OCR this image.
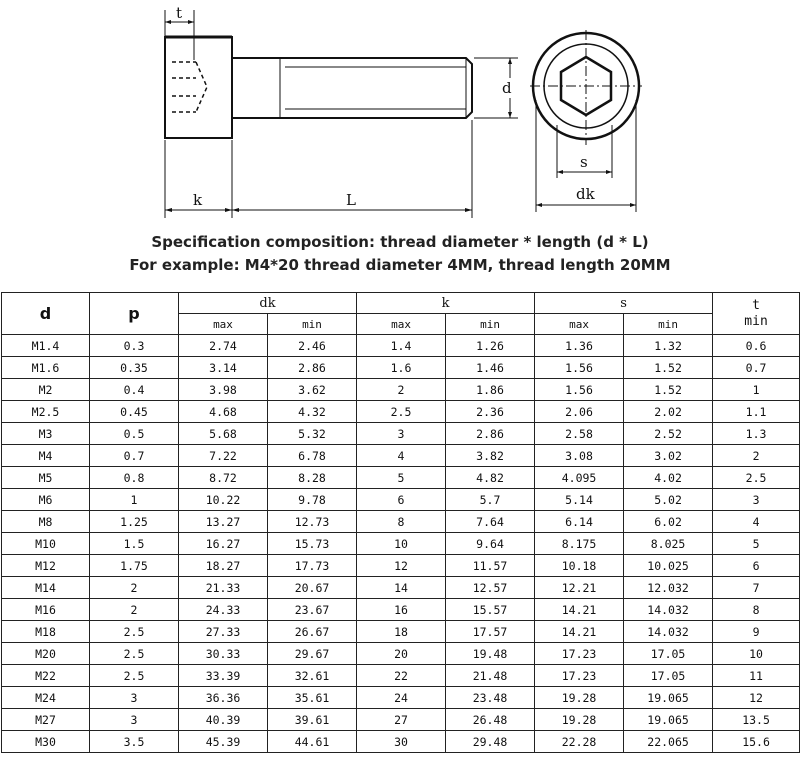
t
d
k	L
s
dk
Specification composition: thread diameter * length (d * L)
For example: M4*20 thread diameter 4MM, thread length 20MM
d	p	dk		k		s		t
min
		max	min	max	min	max	min	
M1.4	0.3	2.74	2.46	1.4	1.26	1.36	1.32	0.6
M1.6	0.35	3.14	2.86	1.6	1.46	1.56	1.52	0.7
M2	0.4	3.98	3.62	2	1.86	1.56	1.52	1
M2.5	0.45	4.68	4.32	2.5	2.36	2.06	2.02	1.1
M3	0.5	5.68	5.32	3	2.86	2.58	2.52	1.3
M4	0.7	7.22	6.78	4	3.82	3.08	3.02	2
M5	0.8	8.72	8.28	5	4.82	4.095	4.02	2.5
M6	1	10.22	9.78	6	5.7	5.14	5.02	3
M8	1.25	13.27	12.73	8	7.64	6.14	6.02	4
M10	1.5	16.27	15.73	10	9.64	8.175	8.025	5
M12	1.75	18.27	17.73	12	11.57	10.18	10.025	6
M14	2	21.33	20.67	14	12.57	12.21	12.032	7
M16	2	24.33	23.67	16	15.57	14.21	14.032	8
M18	2.5	27.33	26.67	18	17.57	14.21	14.032	9
M20	2.5	30.33	29.67	20	19.48	17.23	17.05	10
M22	2.5	33.39	32.61	22	21.48	17.23	17.05	11
M24	3	36.36	35.61	24	23.48	19.28	19.065	12
M27	3	40.39	39.61	27	26.48	19.28	19.065	13.5
M30	3.5	45.39	44.61	30	29.48	22.28	22.065	15.6
